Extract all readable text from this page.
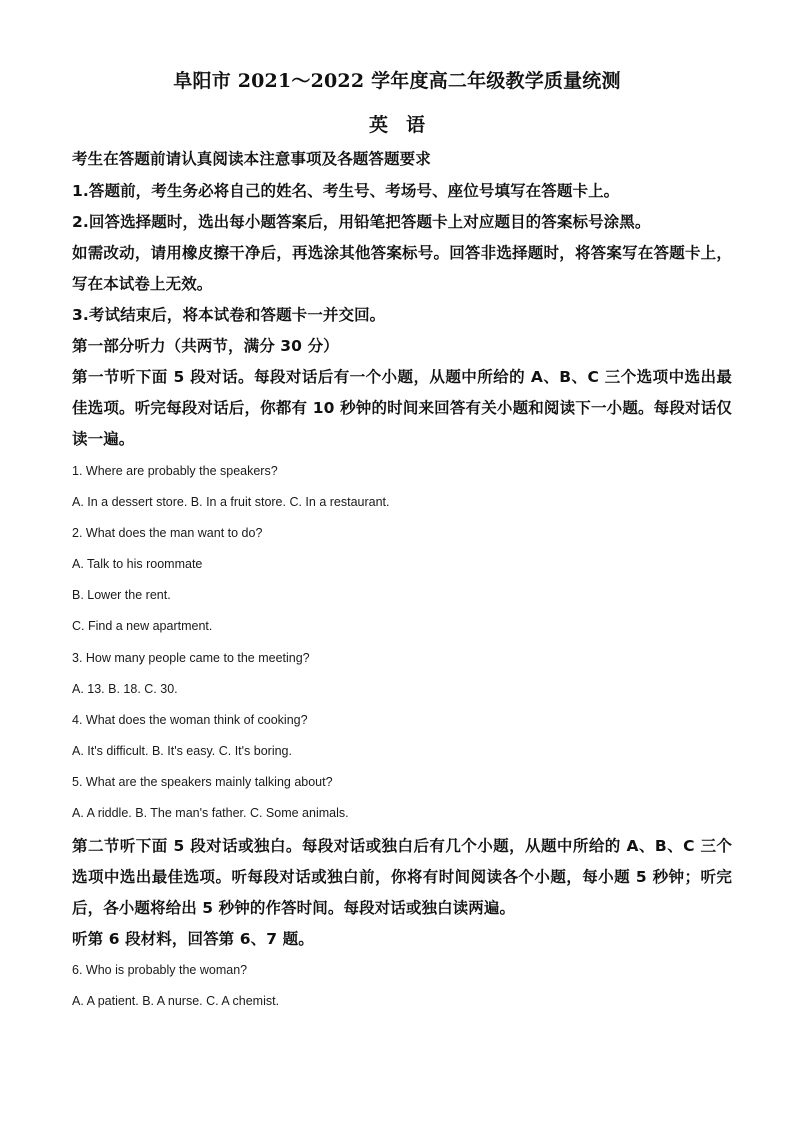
阜阳市 2021～2022 学年度高二年级教学质量统测
英语
考生在答题前请认真阅读本注意事项及各题答题要求
1.答题前，考生务必将自己的姓名、考生号、考场号、座位号填写在答题卡上。
2.回答选择题时，选出每小题答案后，用铅笔把答题卡上对应题目的答案标号涂黑。
如需改动，请用橡皮擦干净后，再选涂其他答案标号。回答非选择题时，将答案写在答题卡上，写在本试卷上无效。
3.考试结束后，将本试卷和答题卡一并交回。
第一部分听力（共两节，满分 30 分）
第一节听下面 5 段对话。每段对话后有一个小题，从题中所给的 A、B、C 三个选项中选出最佳选项。听完每段对话后，你都有 10 秒钟的时间来回答有关小题和阅读下一小题。每段对话仅读一遍。
1. Where are probably the speakers?
A. In a dessert store. B. In a fruit store. C. In a restaurant.
2. What does the man want to do?
A. Talk to his roommate
B. Lower the rent.
C. Find a new apartment.
3. How many people came to the meeting?
A. 13. B. 18. C. 30.
4. What does the woman think of cooking?
A. It's difficult. B. It's easy. C. It's boring.
5. What are the speakers mainly talking about?
A. A riddle. B. The man's father. C. Some animals.
第二节听下面 5 段对话或独白。每段对话或独白后有几个小题，从题中所给的 A、B、C 三个选项中选出最佳选项。听每段对话或独白前，你将有时间阅读各个小题，每小题 5 秒钟；听完后，各小题将给出 5 秒钟的作答时间。每段对话或独白读两遍。
听第 6 段材料，回答第 6、7 题。
6. Who is probably the woman?
A. A patient. B. A nurse. C. A chemist.
